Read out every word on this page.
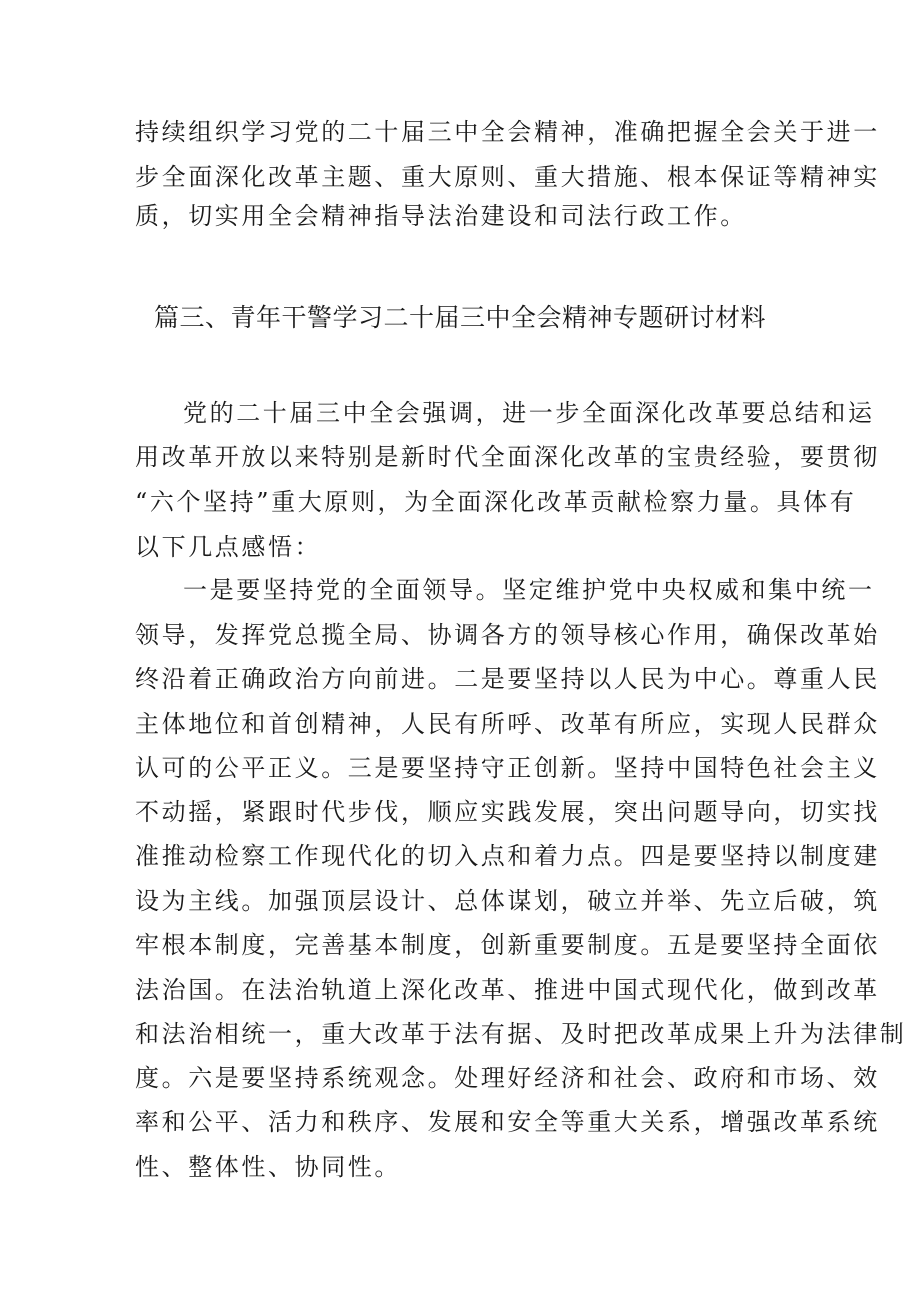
持续组织学习党的二十届三中全会精神，准确把握全会关于进一
步全面深化改革主题、重大原则、重大措施、根本保证等精神实
质，切实用全会精神指导法治建设和司法行政工作。
篇三、青年干警学习二十届三中全会精神专题研讨材料
党的二十届三中全会强调，进一步全面深化改革要总结和运
用改革开放以来特别是新时代全面深化改革的宝贵经验，要贯彻
“六个坚持”重大原则，为全面深化改革贡献检察力量。具体有
以下几点感悟：
一是要坚持党的全面领导。坚定维护党中央权威和集中统一
领导，发挥党总揽全局、协调各方的领导核心作用，确保改革始
终沿着正确政治方向前进。二是要坚持以人民为中心。尊重人民
主体地位和首创精神，人民有所呼、改革有所应，实现人民群众
认可的公平正义。三是要坚持守正创新。坚持中国特色社会主义
不动摇，紧跟时代步伐，顺应实践发展，突出问题导向，切实找
准推动检察工作现代化的切入点和着力点。四是要坚持以制度建
设为主线。加强顶层设计、总体谋划，破立并举、先立后破，筑
牢根本制度，完善基本制度，创新重要制度。五是要坚持全面依
法治国。在法治轨道上深化改革、推进中国式现代化，做到改革
和法治相统一，重大改革于法有据、及时把改革成果上升为法律制
度。六是要坚持系统观念。处理好经济和社会、政府和市场、效
率和公平、活力和秩序、发展和安全等重大关系，增强改革系统
性、整体性、协同性。
